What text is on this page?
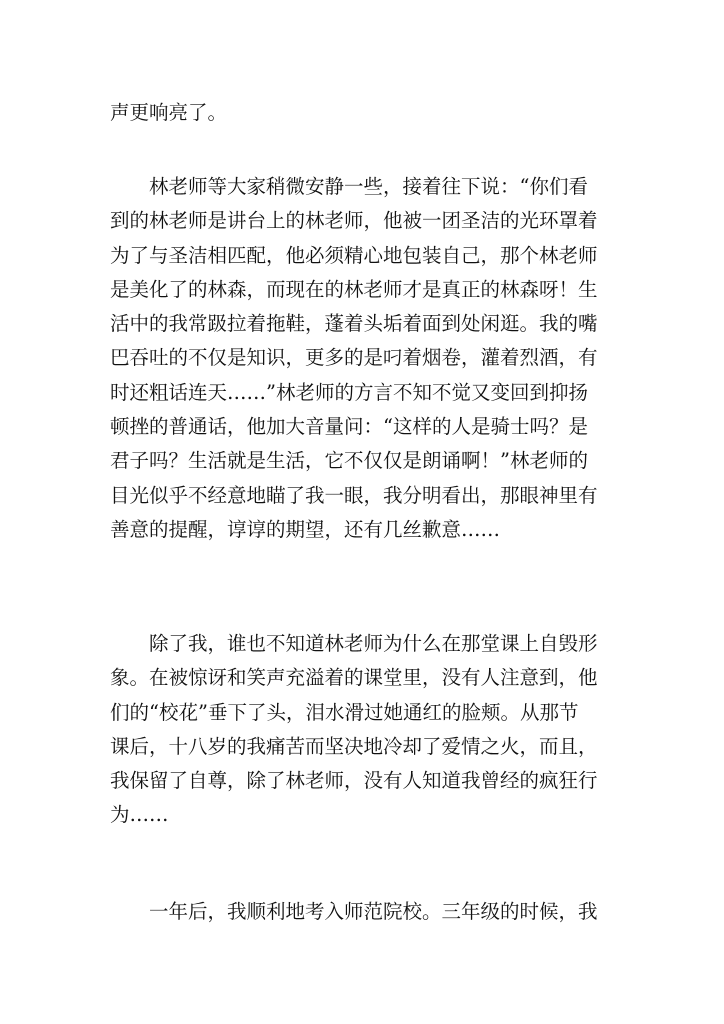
声更响亮了。

林老师等大家稍微安静一些，接着往下说：“你们看
到的林老师是讲台上的林老师，他被一团圣洁的光环罩着
为了与圣洁相匹配，他必须精心地包装自己，那个林老师
是美化了的林森，而现在的林老师才是真正的林森呀！生
活中的我常趿拉着拖鞋，蓬着头垢着面到处闲逛。我的嘴
巴吞吐的不仅是知识，更多的是叼着烟卷，灌着烈酒，有
时还粗话连天……”林老师的方言不知不觉又变回到抑扬
顿挫的普通话，他加大音量问：“这样的人是骑士吗？是
君子吗？生活就是生活，它不仅仅是朗诵啊！”林老师的
目光似乎不经意地瞄了我一眼，我分明看出，那眼神里有
善意的提醒，谆谆的期望，还有几丝歉意……

除了我，谁也不知道林老师为什么在那堂课上自毁形
象。在被惊讶和笑声充溢着的课堂里，没有人注意到，他
们的“校花”垂下了头，泪水滑过她通红的脸颊。从那节
课后，十八岁的我痛苦而坚决地冷却了爱情之火，而且，
我保留了自尊，除了林老师，没有人知道我曾经的疯狂行
为……

一年后，我顺利地考入师范院校。三年级的时候，我
